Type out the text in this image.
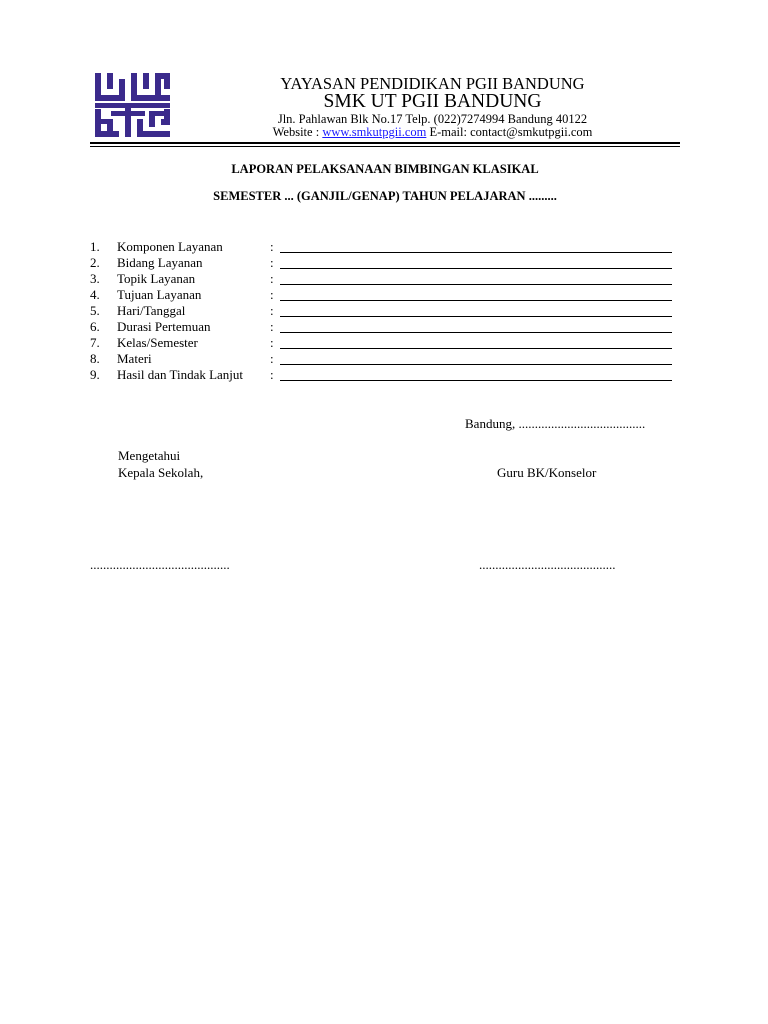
YAYASAN PENDIDIKAN PGII BANDUNG
SMK UT PGII BANDUNG
Jln. Pahlawan Blk No.17 Telp. (022)7274994 Bandung 40122
Website : www.smkutpgii.com E-mail: contact@smkutpgii.com
LAPORAN PELAKSANAAN BIMBINGAN KLASIKAL
SEMESTER ... (GANJIL/GENAP) TAHUN PELAJARAN .........
1.	Komponen Layanan	:
2.	Bidang Layanan	:
3.	Topik Layanan	:
4.	Tujuan Layanan	:
5.	Hari/Tanggal	:
6.	Durasi Pertemuan	:
7.	Kelas/Semester	:
8.	Materi	:
9.	Hasil dan Tindak Lanjut :
Bandung, .......................................
Mengetahui
Kepala Sekolah,	Guru BK/Konselor
...........................................	..........................................
